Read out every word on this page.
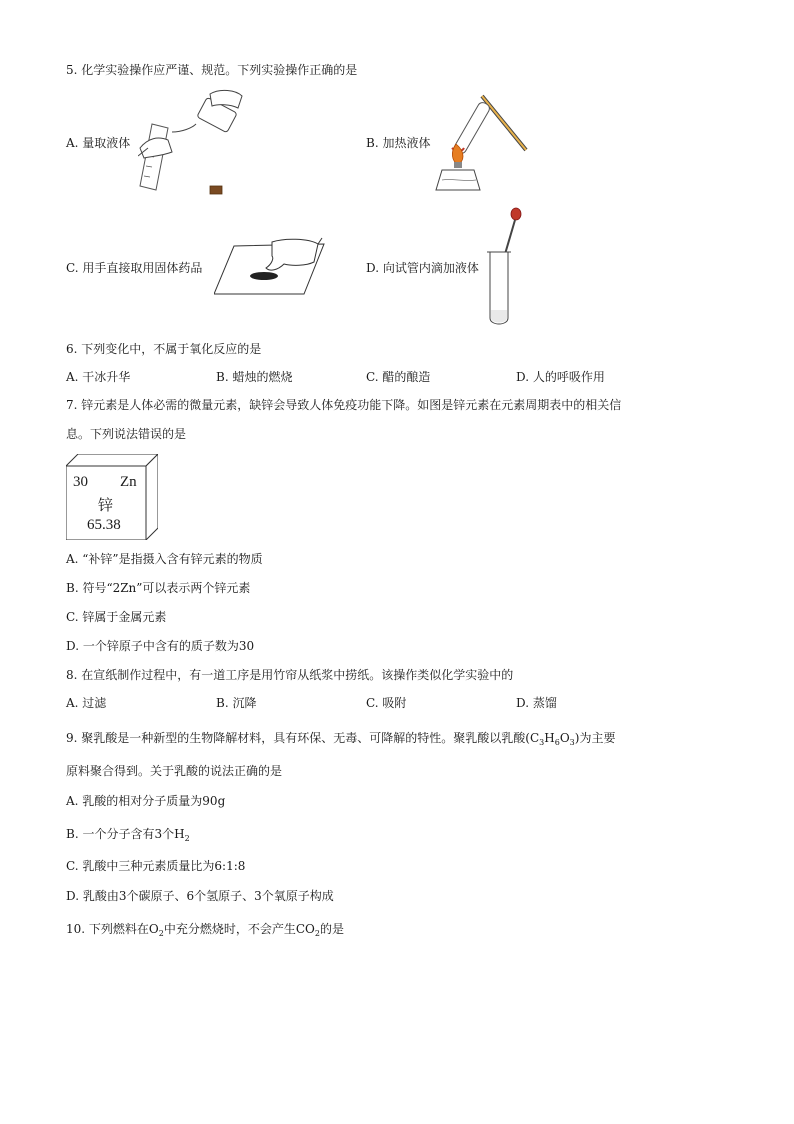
5. 化学实验操作应严谨、规范。下列实验操作正确的是
A. 量取液体	B. 加热液体
C. 用手直接取用固体药品	D. 向试管内滴加液体
6. 下列变化中，不属于氧化反应的是
A. 干冰升华	B. 蜡烛的燃烧	C. 醋的酿造	D. 人的呼吸作用
7. 锌元素是人体必需的微量元素，缺锌会导致人体免疫功能下降。如图是锌元素在元素周期表中的相关信
息。下列说法错误的是
30 Zn
锌
65.38
A. “补锌”是指摄入含有锌元素的物质
B. 符号“2Zn”可以表示两个锌元素
C. 锌属于金属元素
D. 一个锌原子中含有的质子数为30
8. 在宣纸制作过程中，有一道工序是用竹帘从纸浆中捞纸。该操作类似化学实验中的
A. 过滤	B. 沉降	C. 吸附	D. 蒸馏
9. 聚乳酸是一种新型的生物降解材料，具有环保、无毒、可降解的特性。聚乳酸以乳酸$(C_3H_6O_3)$为主要
原料聚合得到。关于乳酸的说法正确的是
A. 乳酸的相对分子质量为90g
B. 一个分子含有3个$H_2$
C. 乳酸中三种元素质量比为6:1:8
D. 乳酸由3个碳原子、6个氢原子、3个氧原子构成
10. 下列燃料在$O_2$中充分燃烧时，不会产生$CO_2$的是
